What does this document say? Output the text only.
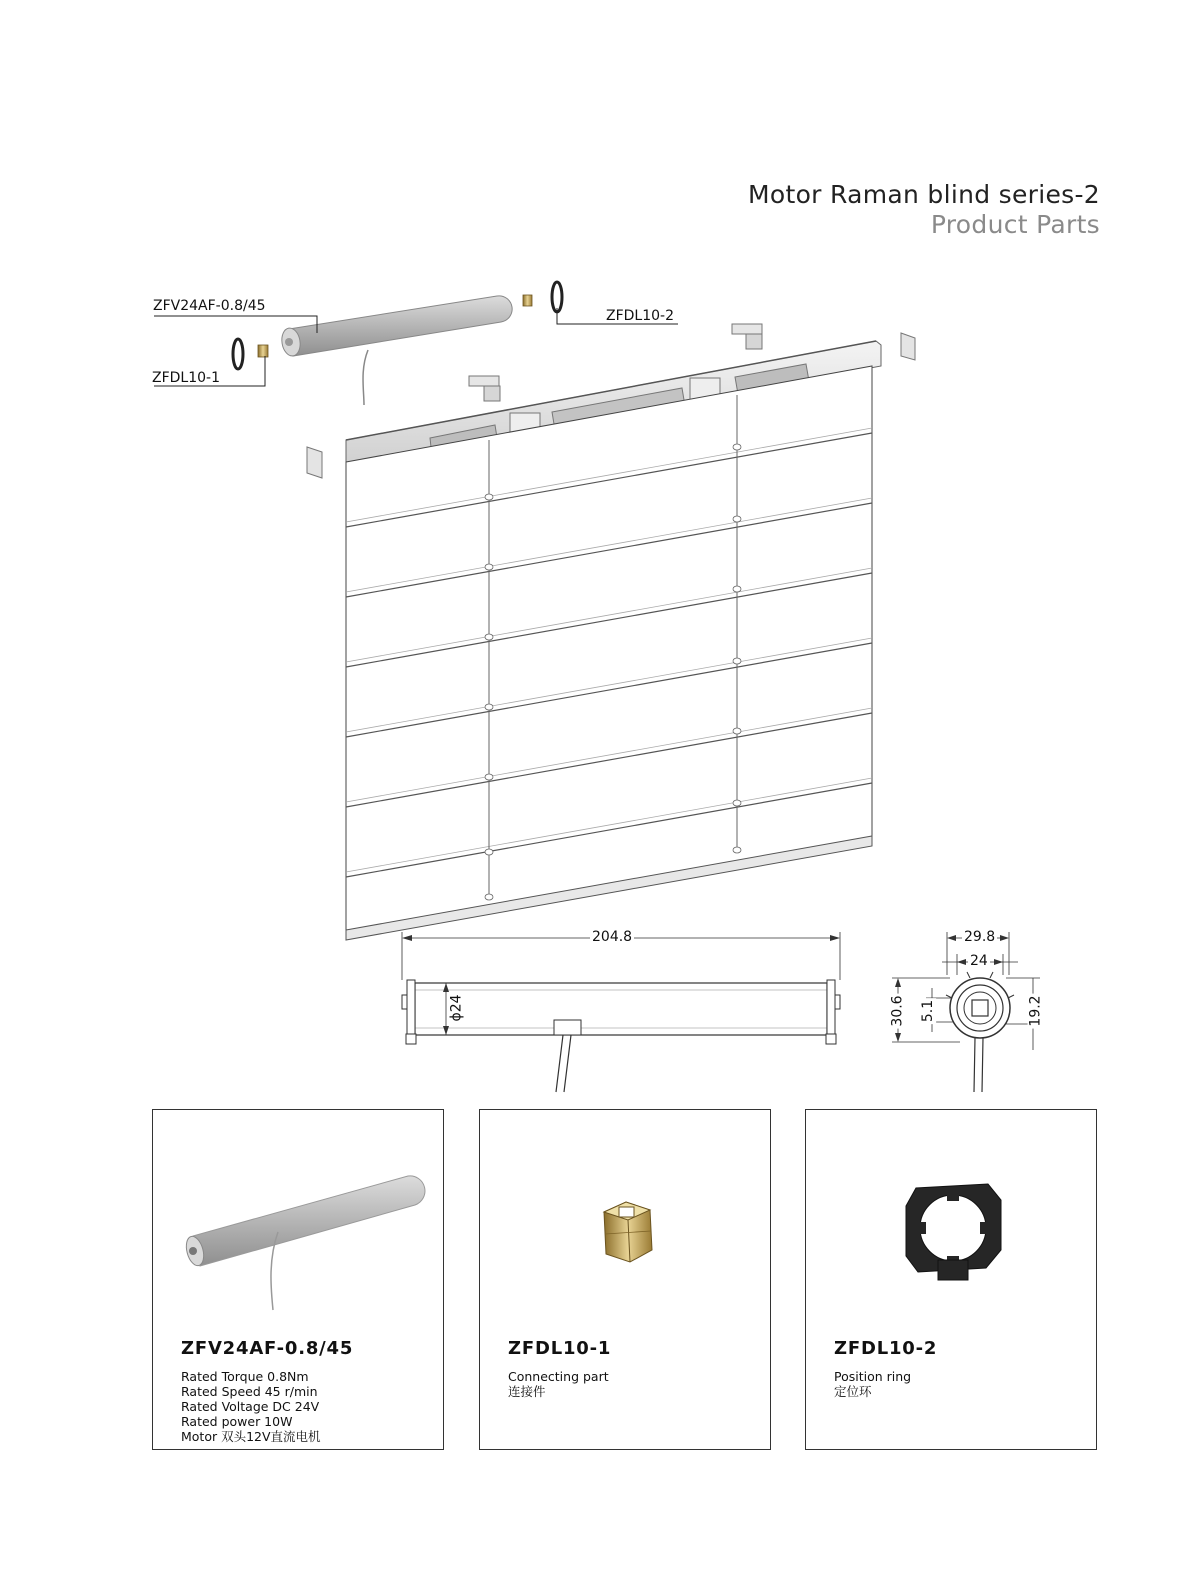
Motor Raman blind series-2
Product Parts
ZFV24AF-0.8/45
ZFDL10-1
ZFDL10-2
204.8
ϕ24
29.8
24
30.6 5.1	19.2
ZFV24AF-0.8/45
Rated Torque 0.8Nm
Rated Speed 45 r/min
Rated Voltage DC 24V
Rated power 10W
Motor 双头12V直流电机
ZFDL10-1
Connecting part
连接件
ZFDL10-2
Position ring
定位环
